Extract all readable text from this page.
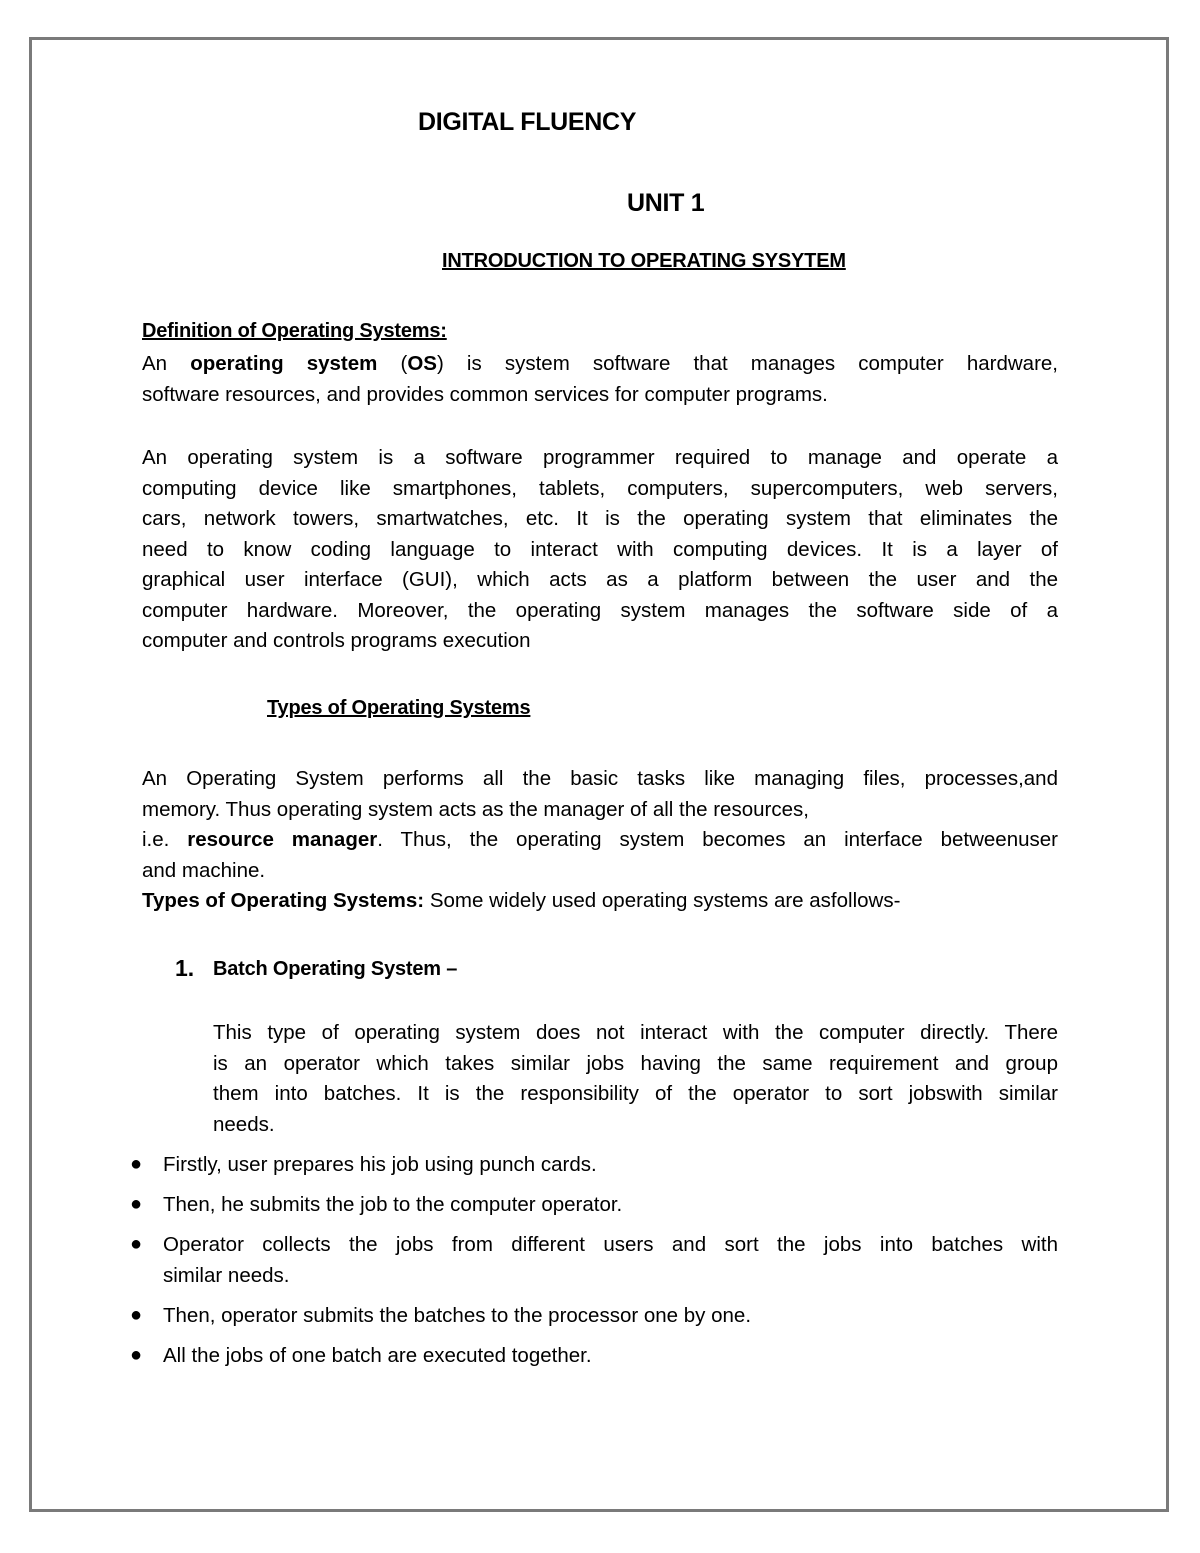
DIGITAL FLUENCY
UNIT 1
INTRODUCTION TO OPERATING SYSYTEM
Definition of Operating Systems:
An operating system (OS) is system software that manages computer hardware,
software resources, and provides common services for computer programs.
An operating system is a software programmer required to manage and operate a
computing device like smartphones, tablets, computers, supercomputers, web servers,
cars, network towers, smartwatches, etc. It is the operating system that eliminates the
need to know coding language to interact with computing devices. It is a layer of
graphical user interface (GUI), which acts as a platform between the user and the
computer hardware. Moreover, the operating system manages the software side of a
computer and controls programs execution
Types of Operating Systems
An Operating System performs all the basic tasks like managing files, processes,and
memory. Thus operating system acts as the manager of all the resources,
i.e. resource manager. Thus, the operating system becomes an interface betweenuser
and machine.
Types of Operating Systems: Some widely used operating systems are asfollows-
1. Batch Operating System –
This type of operating system does not interact with the computer directly. There
is an operator which takes similar jobs having the same requirement and group
them into batches. It is the responsibility of the operator to sort jobswith similar
needs.
● Firstly, user prepares his job using punch cards.
● Then, he submits the job to the computer operator.
● Operator collects the jobs from different users and sort the jobs into batches with
similar needs.
● Then, operator submits the batches to the processor one by one.
● All the jobs of one batch are executed together.
